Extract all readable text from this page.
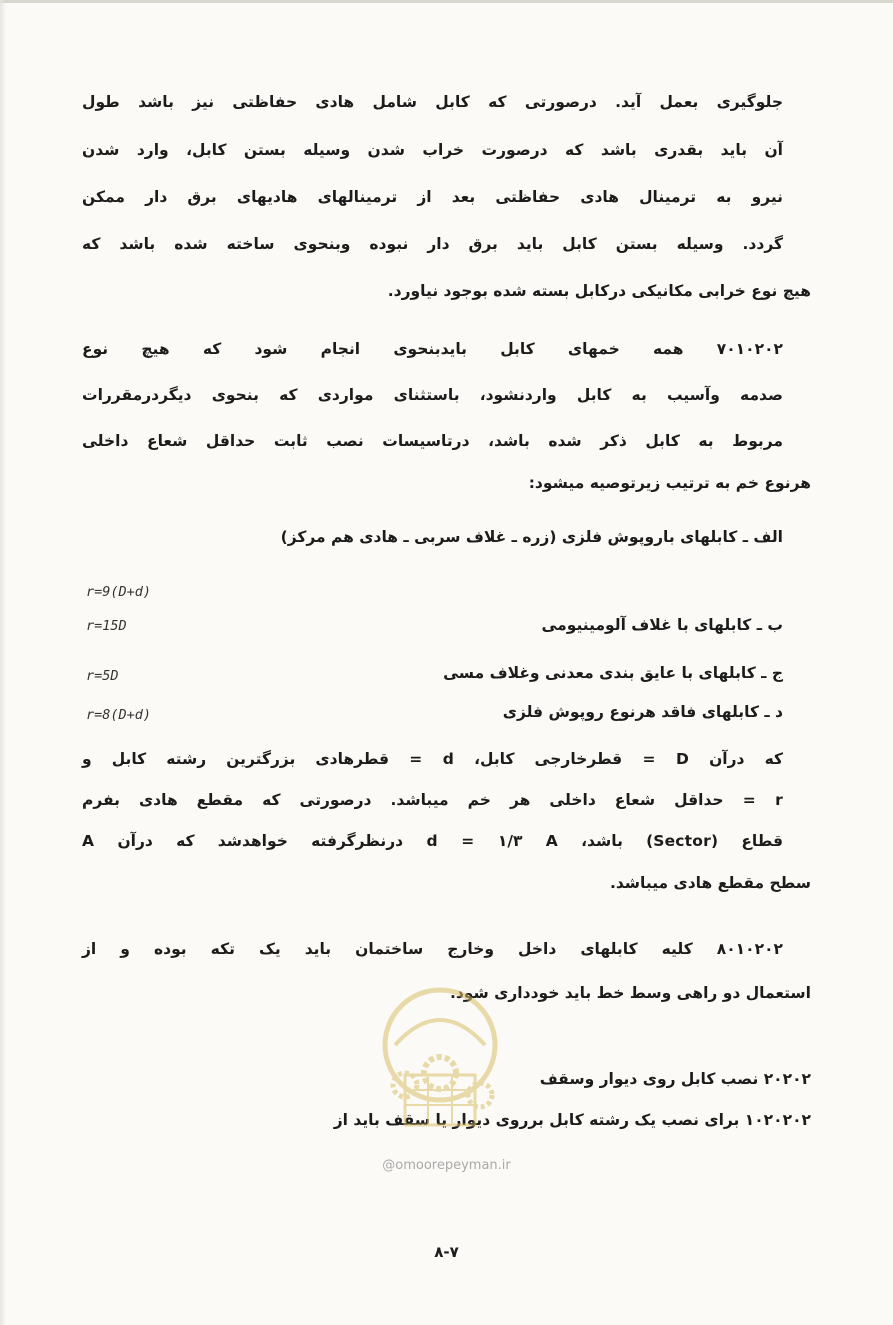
جلوگیری بعمل آید. درصورتی که کابل شامل هادی حفاظتی نیز باشد طول
آن باید بقدری باشد که درصورت خراب شدن وسیله بستن کابل، وارد شدن
نیرو به ترمینال هادی حفاظتی بعد از ترمینالهای هادیهای برق دار ممکن
گردد. وسیله بستن کابل باید برق دار نبوده وبنحوی ساخته شده باشد که
هیچ نوع خرابی مکانیکی درکابل بسته شده بوجود نیاورد.
۷۰۱۰۲۰۲ همه خمهای کابل بایدبنحوی انجام شود که هیچ نوع
صدمه وآسیب به کابل واردنشود، باستثنای مواردی که بنحوی دیگردرمقررات
مربوط به کابل ذکر شده باشد، درتاسیسات نصب ثابت حداقل شعاع داخلی
هرنوع خم به ترتیب زیرتوصیه میشود:
الف ـ کابلهای باروپوش فلزی (زره ـ غلاف سربی ـ هادی هم مرکز)
r=9(D+d)
ب ـ کابلهای با غلاف آلومینیومی
r=15D
ج ـ کابلهای با عایق بندی معدنی وغلاف مسی
r=5D
د ـ کابلهای فاقد هرنوع روپوش فلزی
r=8(D+d)
که درآن D = قطرخارجی کابل، d = قطرهادی بزرگترین رشته کابل و
r = حداقل شعاع داخلی هر خم میباشد. درصورتی که مقطع هادی بفرم
قطاع (Sector) باشد، d = ۱/۳ A درنظرگرفته خواهدشد که درآن A
سطح مقطع هادی میباشد.
۸۰۱۰۲۰۲ کلیه کابلهای داخل وخارج ساختمان باید یک تکه بوده و از
استعمال دو راهی وسط خط باید خودداری شود.
۲۰۲۰۲ نصب کابل روی دیوار وسقف
۱۰۲۰۲۰۲ برای نصب یک رشته کابل برروی دیوار یا سقف باید از
@omoorepeyman.ir
۸-۷
